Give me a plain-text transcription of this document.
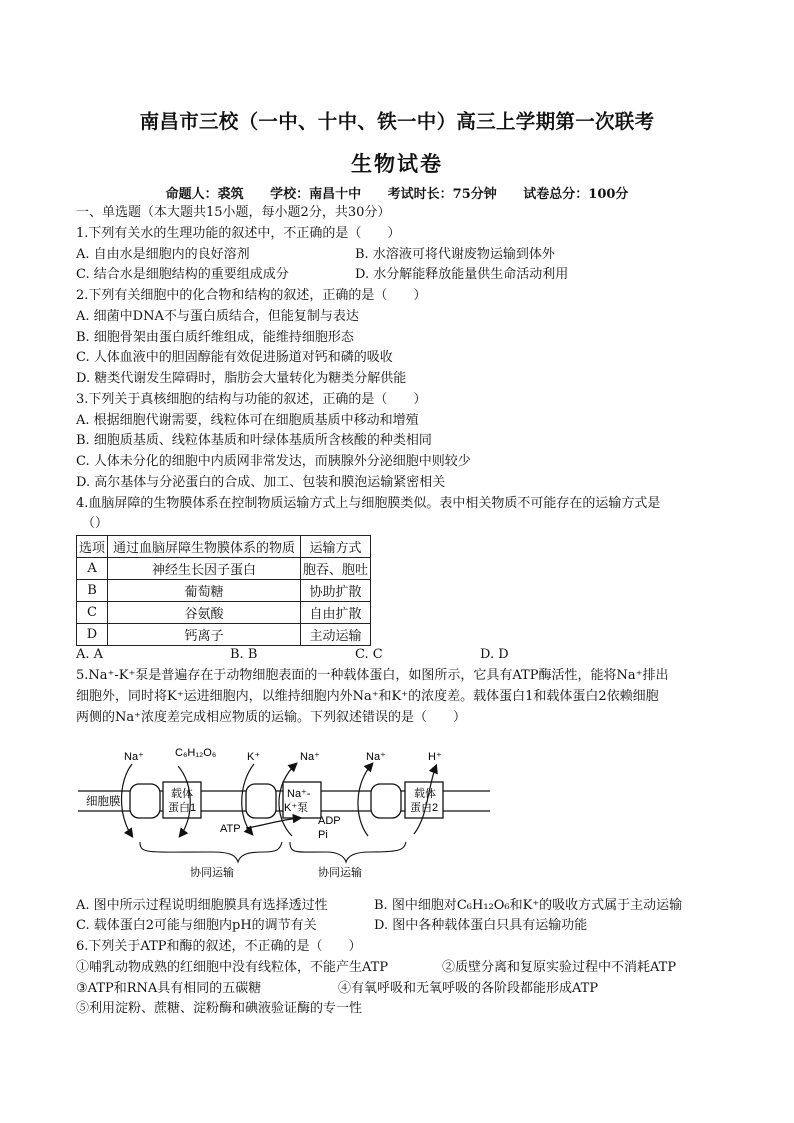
南昌市三校（一中、十中、铁一中）高三上学期第一次联考
生物试卷
命题人：裘筑 学校：南昌十中 考试时长：75分钟 试卷总分：100分
一、单选题（本大题共15小题，每小题2分，共30分）
1.下列有关水的生理功能的叙述中，不正确的是（　　）
A. 自由水是细胞内的良好溶剂	B. 水溶液可将代谢废物运输到体外
C. 结合水是细胞结构的重要组成成分	D. 水分解能释放能量供生命活动利用
2.下列有关细胞中的化合物和结构的叙述，正确的是（　　）
A. 细菌中DNA不与蛋白质结合，但能复制与表达
B. 细胞骨架由蛋白质纤维组成，能维持细胞形态
C. 人体血液中的胆固醇能有效促进肠道对钙和磷的吸收
D. 糖类代谢发生障碍时，脂肪会大量转化为糖类分解供能
3.下列关于真核细胞的结构与功能的叙述，正确的是（　　）
A. 根据细胞代谢需要，线粒体可在细胞质基质中移动和增殖
B. 细胞质基质、线粒体基质和叶绿体基质所含核酸的种类相同
C. 人体未分化的细胞中内质网非常发达，而胰腺外分泌细胞中则较少
D. 高尔基体与分泌蛋白的合成、加工、包装和膜泡运输紧密相关
4.血脑屏障的生物膜体系在控制物质运输方式上与细胞膜类似。表中相关物质不可能存在的运输方式是
（）
选项	通过血脑屏障生物膜体系的物质	运输方式
A	神经生长因子蛋白	胞吞、胞吐
B	葡萄糖	协助扩散
C	谷氨酸	自由扩散
D	钙离子	主动运输
A. A	B. B	C. C	D. D
5.Na⁺-K⁺泵是普遍存在于动物细胞表面的一种载体蛋白，如图所示，它具有ATP酶活性，能将Na⁺排出
细胞外，同时将K⁺运进细胞内，以维持细胞内外Na⁺和K⁺的浓度差。载体蛋白1和载体蛋白2依赖细胞
两侧的Na⁺浓度差完成相应物质的运输。下列叙述错误的是（　　）
细胞膜
载体
蛋白1
Na⁺-
K⁺泵
载体
蛋白2
Na⁺	C₆H₁₂O₆	K⁺	Na⁺	Na⁺	H⁺
ATP
ADP
Pi
协同运输	协同运输
A. 图中所示过程说明细胞膜具有选择透过性	B. 图中细胞对C₆H₁₂O₆和K⁺的吸收方式属于主动运输
C. 载体蛋白2可能与细胞内pH的调节有关	D. 图中各种载体蛋白只具有运输功能
6.下列关于ATP和酶的叙述，不正确的是（　　）
①哺乳动物成熟的红细胞中没有线粒体，不能产生ATP	②质壁分离和复原实验过程中不消耗ATP
③ATP和RNA具有相同的五碳糖	④有氧呼吸和无氧呼吸的各阶段都能形成ATP
⑤利用淀粉、蔗糖、淀粉酶和碘液验证酶的专一性
